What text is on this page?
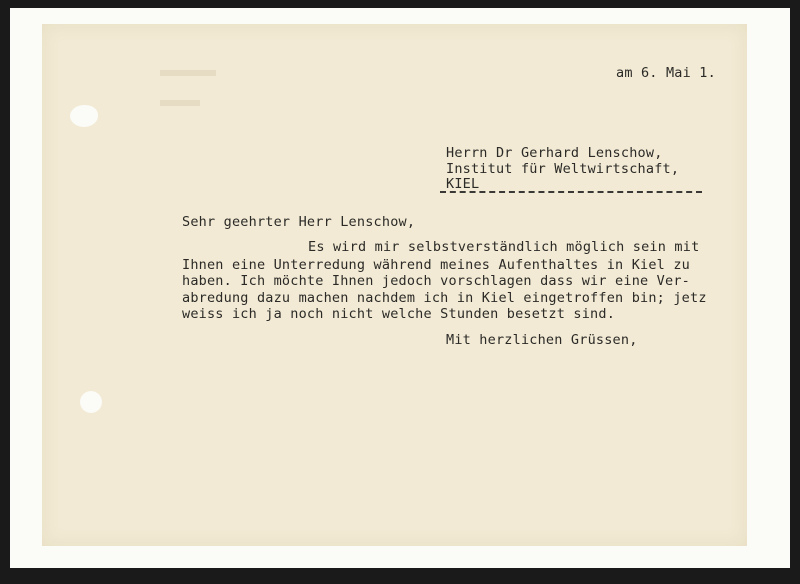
am 6. Mai 1.
Herrn Dr Gerhard Lenschow,
Institut für Weltwirtschaft,
KIEL
Sehr geehrter Herr Lenschow,
Es wird mir selbstverständlich möglich sein mit
Ihnen eine Unterredung während meines Aufenthaltes in Kiel zu
haben. Ich möchte Ihnen jedoch vorschlagen dass wir eine Ver-
abredung dazu machen nachdem ich in Kiel eingetroffen bin; jetz
weiss ich ja noch nicht welche Stunden besetzt sind.
Mit herzlichen Grüssen,
